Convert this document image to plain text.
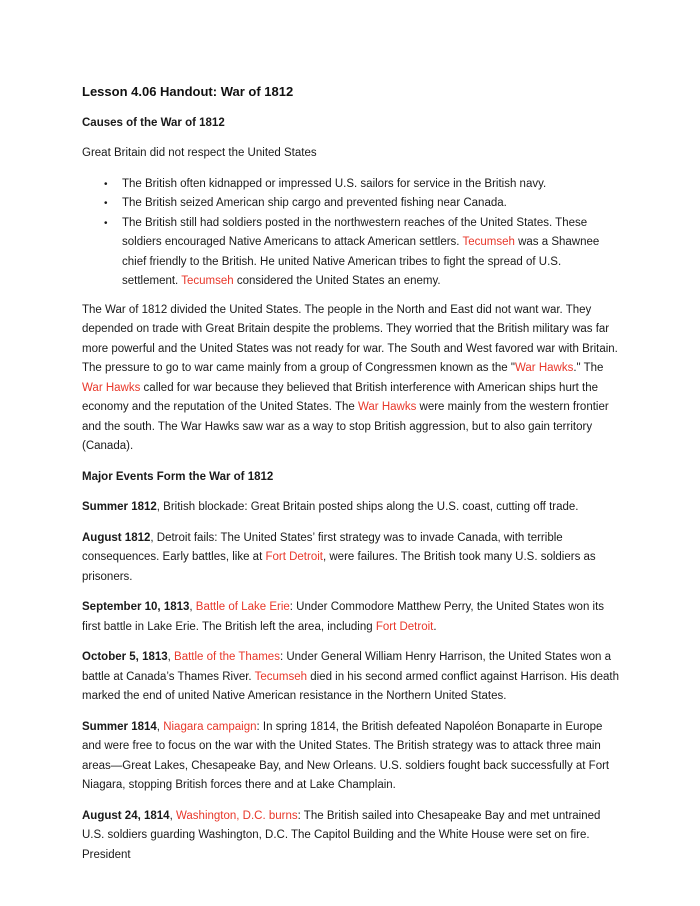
Lesson 4.06 Handout: War of 1812
Causes of the War of 1812

Great Britain did not respect the United States

• The British often kidnapped or impressed U.S. sailors for service in the British navy.
• The British seized American ship cargo and prevented fishing near Canada.
• The British still had soldiers posted in the northwestern reaches of the United States. These soldiers encouraged Native Americans to attack American settlers. Tecumseh was a Shawnee chief friendly to the British. He united Native American tribes to fight the spread of U.S. settlement. Tecumseh considered the United States an enemy.

The War of 1812 divided the United States. The people in the North and East did not want war. They depended on trade with Great Britain despite the problems. They worried that the British military was far more powerful and the United States was not ready for war. The South and West favored war with Britain. The pressure to go to war came mainly from a group of Congressmen known as the "War Hawks." The War Hawks called for war because they believed that British interference with American ships hurt the economy and the reputation of the United States. The War Hawks were mainly from the western frontier and the south. The War Hawks saw war as a way to stop British aggression, but to also gain territory (Canada).

Major Events Form the War of 1812

Summer 1812, British blockade: Great Britain posted ships along the U.S. coast, cutting off trade.

August 1812, Detroit fails: The United States’ first strategy was to invade Canada, with terrible consequences. Early battles, like at Fort Detroit, were failures. The British took many U.S. soldiers as prisoners.

September 10, 1813, Battle of Lake Erie: Under Commodore Matthew Perry, the United States won its first battle in Lake Erie. The British left the area, including Fort Detroit.

October 5, 1813, Battle of the Thames: Under General William Henry Harrison, the United States won a battle at Canada’s Thames River. Tecumseh died in his second armed conflict against Harrison. His death marked the end of united Native American resistance in the Northern United States.

Summer 1814, Niagara campaign: In spring 1814, the British defeated Napoléon Bonaparte in Europe and were free to focus on the war with the United States. The British strategy was to attack three main areas—Great Lakes, Chesapeake Bay, and New Orleans. U.S. soldiers fought back successfully at Fort Niagara, stopping British forces there and at Lake Champlain.

August 24, 1814, Washington, D.C. burns: The British sailed into Chesapeake Bay and met untrained U.S. soldiers guarding Washington, D.C. The Capitol Building and the White House were set on fire. President
